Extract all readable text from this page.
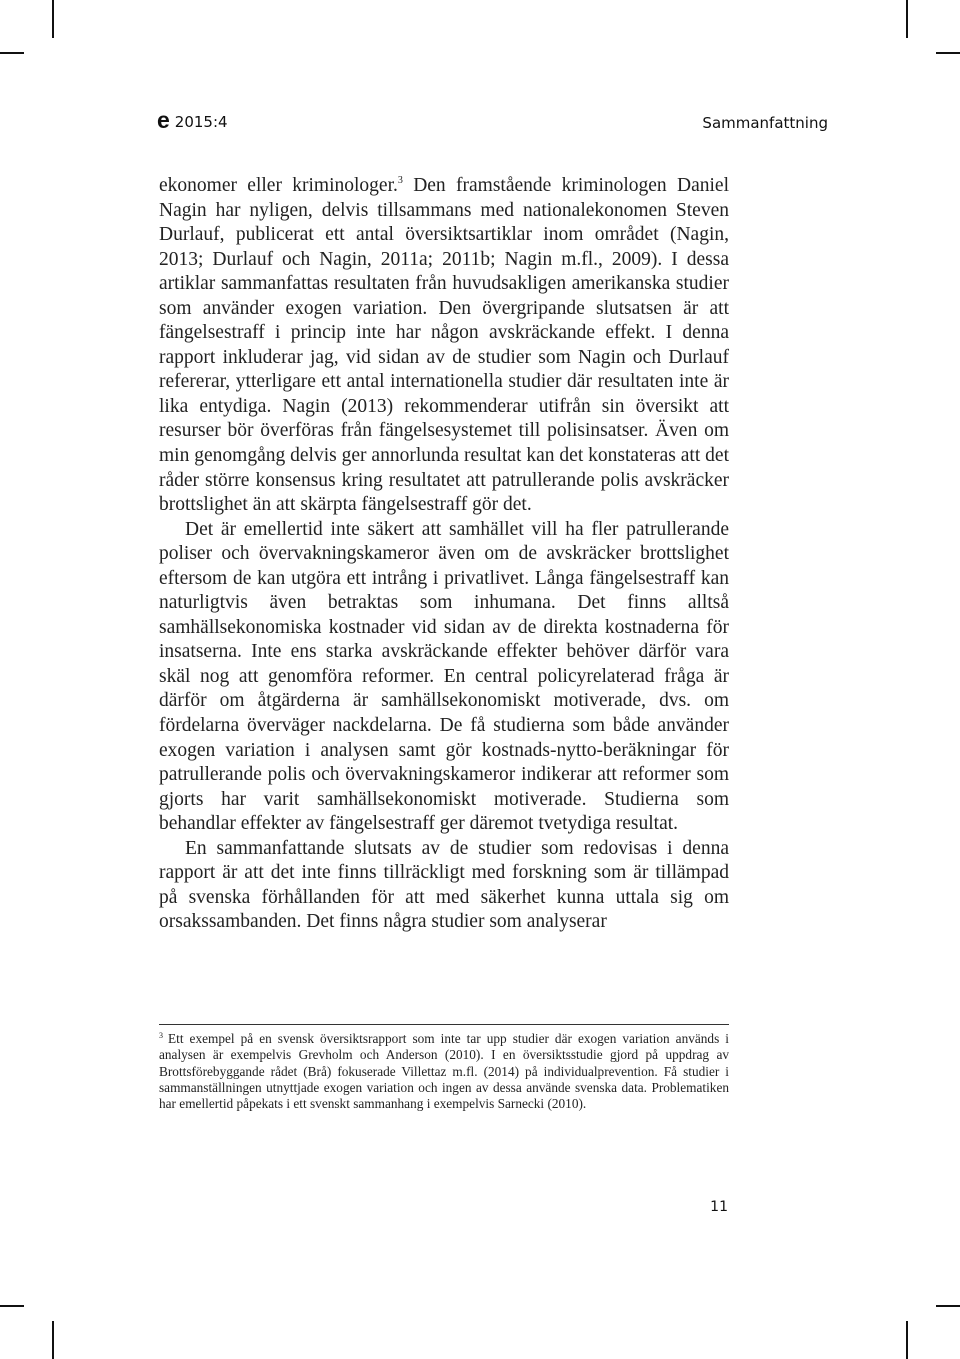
e 2015:4	Sammanfattning

ekonomer eller kriminologer.$^3$ Den framstående kriminologen Daniel Nagin har nyligen, delvis tillsammans med nationalekonomen Steven Durlauf, publicerat ett antal översiktsartiklar inom området (Nagin, 2013; Durlauf och Nagin, 2011a; 2011b; Nagin m.fl., 2009). I dessa artiklar sammanfattas resultaten från huvudsakligen amerikanska studier som använder exogen variation. Den övergripande slutsatsen är att fängelsestraff i princip inte har någon avskräckande effekt. I denna rapport inkluderar jag, vid sidan av de studier som Nagin och Durlauf refererar, ytterligare ett antal internationella studier där resultaten inte är lika entydiga. Nagin (2013) rekommenderar utifrån sin översikt att resurser bör överföras från fängelsesystemet till polisinsatser. Även om min genomgång delvis ger annorlunda resultat kan det konstateras att det råder större konsensus kring resultatet att patrullerande polis avskräcker brottslighet än att skärpta fängelsestraff gör det.

Det är emellertid inte säkert att samhället vill ha fler patrullerande poliser och övervakningskameror även om de avskräcker brottslighet eftersom de kan utgöra ett intrång i privatlivet. Långa fängelsestraff kan naturligtvis även betraktas som inhumana. Det finns alltså samhällsekonomiska kostnader vid sidan av de direkta kostnaderna för insatserna. Inte ens starka avskräckande effekter behöver därför vara skäl nog att genomföra reformer. En central policyrelaterad fråga är därför om åtgärderna är samhällsekonomiskt motiverade, dvs. om fördelarna överväger nackdelarna. De få studierna som både använder exogen variation i analysen samt gör kostnads-nytto-beräkningar för patrullerande polis och övervakningskameror indikerar att reformer som gjorts har varit samhällsekonomiskt motiverade. Studierna som behandlar effekter av fängelsestraff ger däremot tvetydiga resultat.

En sammanfattande slutsats av de studier som redovisas i denna rapport är att det inte finns tillräckligt med forskning som är tillämpad på svenska förhållanden för att med säkerhet kunna uttala sig om orsakssambanden. Det finns några studier som analyserar

$^3$ Ett exempel på en svensk översiktsrapport som inte tar upp studier där exogen variation används i analysen är exempelvis Grevholm och Anderson (2010). I en översiktsstudie gjord på uppdrag av Brottsförebyggande rådet (Brå) fokuserade Villettaz m.fl. (2014) på individualprevention. Få studier i sammanställningen utnyttjade exogen variation och ingen av dessa använde svenska data. Problematiken har emellertid påpekats i ett svenskt sammanhang i exempelvis Sarnecki (2010).

11
